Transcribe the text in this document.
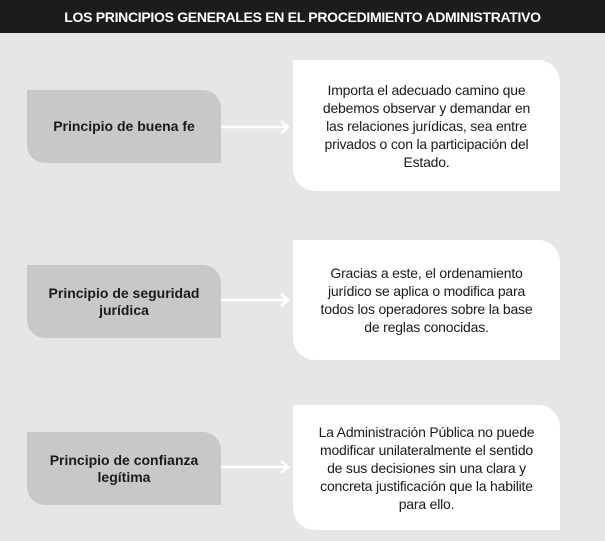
LOS PRINCIPIOS GENERALES EN EL PROCEDIMIENTO ADMINISTRATIVO
Principio de buena fe
Importa el adecuado camino que debemos observar y demandar en las relaciones jurídicas, sea entre privados o con la participación del Estado.
Principio de seguridad jurídica
Gracias a este, el ordenamiento jurídico se aplica o modifica para todos los operadores sobre la base de reglas conocidas.
Principio de confianza legítima
La Administración Pública no puede modificar unilateralmente el sentido de sus decisiones sin una clara y concreta justificación que la habilite para ello.
